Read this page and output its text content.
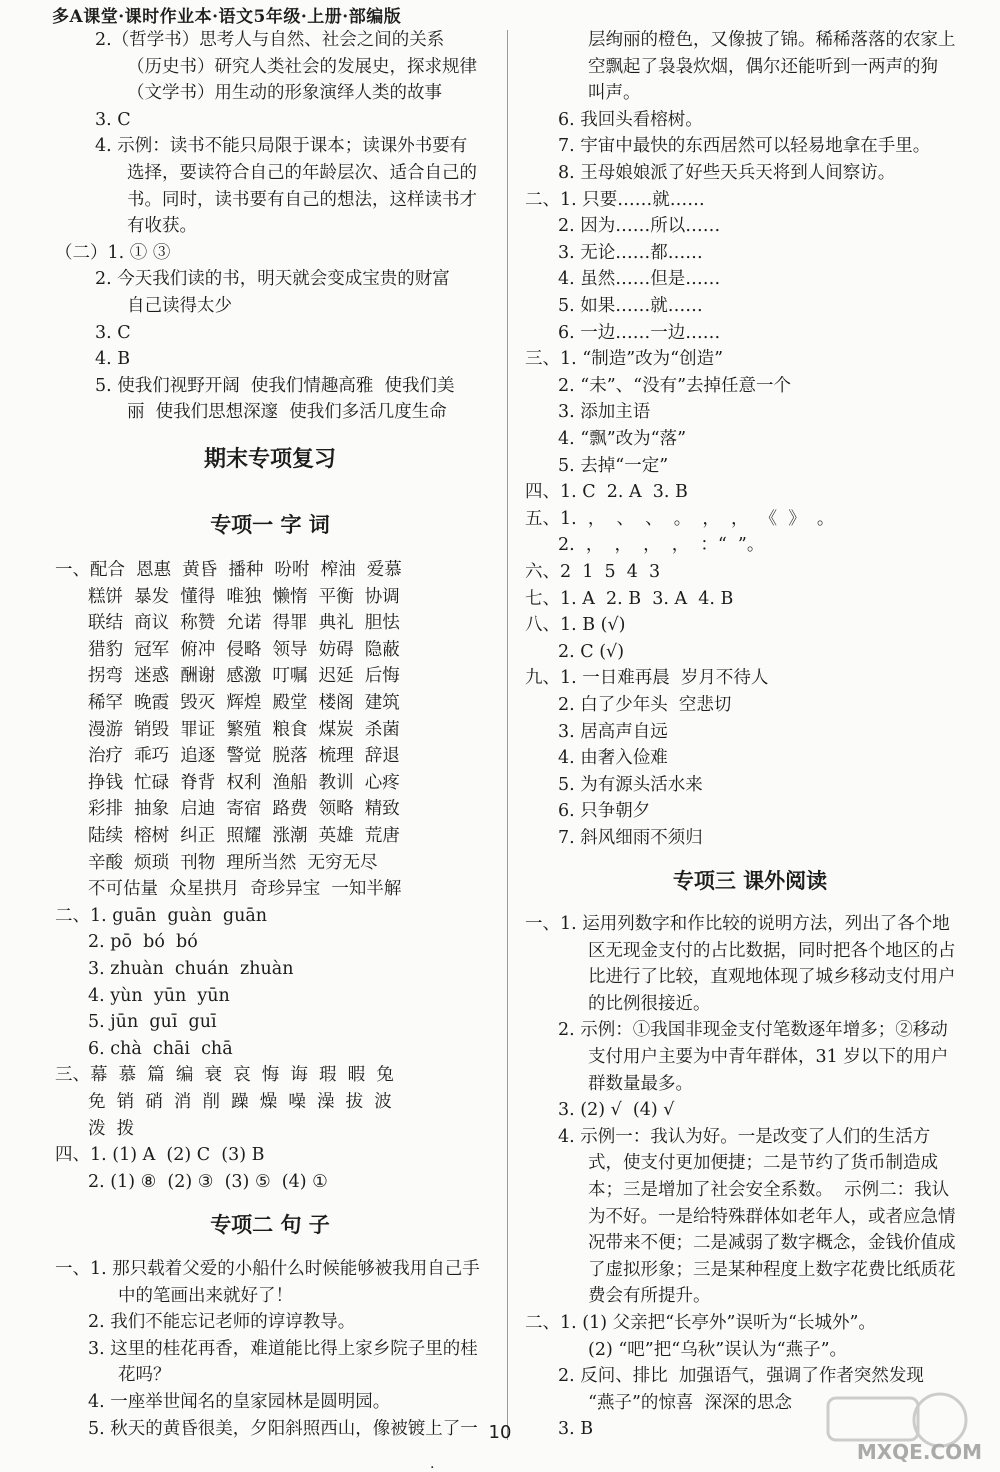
多A课堂·课时作业本·语文5年级·上册·部编版
10
.	MXQE.COM
2.（哲学书）思考人与自然、社会之间的关系
（历史书）研究人类社会的发展史，探求规律
（文学书）用生动的形象演绎人类的故事
3. C
4. 示例：读书不能只局限于课本；读课外书要有
选择，要读符合自己的年龄层次、适合自己的
书。同时，读书要有自己的想法，这样读书才
有收获。
（二）1. ① ③
2. 今天我们读的书，明天就会变成宝贵的财富
自己读得太少
3. C
4. B
5. 使我们视野开阔  使我们情趣高雅  使我们美
丽  使我们思想深邃  使我们多活几度生命
期末专项复习
专项一 字 词
一、配合  恩惠  黄昏  播种  吩咐  榨油  爱慕
糕饼  暴发  懂得  唯独  懒惰  平衡  协调
联结  商议  称赞  允诺  得罪  典礼  胆怯
猎豹  冠军  俯冲  侵略  领导  妨碍  隐蔽
拐弯  迷惑  酬谢  感激  叮嘱  迟延  后悔
稀罕  晚霞  毁灭  辉煌  殿堂  楼阁  建筑
漫游  销毁  罪证  繁殖  粮食  煤炭  杀菌
治疗  乖巧  追逐  警觉  脱落  梳理  辞退
挣钱  忙碌  脊背  权利  渔船  教训  心疼
彩排  抽象  启迪  寄宿  路费  领略  精致
陆续  榕树  纠正  照耀  涨潮  英雄  荒唐
辛酸  烦琐  刊物  理所当然  无穷无尽
不可估量  众星拱月  奇珍异宝  一知半解
二、1. guān  guàn  guān
2. pō  bó  bó
3. zhuàn  chuán  zhuàn
4. yùn  yūn  yūn
5. jūn  guī  guī
6. chà  chāi  chā
三、幕  慕  篇  编  衰  哀  悔  诲  瑕  暇  兔
免  销  硝  消  削  躁  燥  噪  澡  拔  波
泼  拨
四、1. (1) A  (2) C  (3) B
2. (1) ⑧  (2) ③  (3) ⑤  (4) ①
专项二 句 子
一、1. 那只载着父爱的小船什么时候能够被我用自己手
中的笔画出来就好了！
2. 我们不能忘记老师的谆谆教导。
3. 这里的桂花再香，难道能比得上家乡院子里的桂
花吗？
4. 一座举世闻名的皇家园林是圆明园。
5. 秋天的黄昏很美，夕阳斜照西山，像被镀上了一
层绚丽的橙色，又像披了锦。稀稀落落的农家上
空飘起了袅袅炊烟，偶尔还能听到一两声的狗
叫声。
6. 我回头看榕树。
7. 宇宙中最快的东西居然可以轻易地拿在手里。
8. 王母娘娘派了好些天兵天将到人间察访。
二、1. 只要……就……
2. 因为……所以……
3. 无论……都……
4. 虽然……但是……
5. 如果……就……
6. 一边……一边……
三、1. “制造”改为“创造”
2. “未”、“没有”去掉任意一个
3. 添加主语
4. “飘”改为“落”
5. 去掉“一定”
四、1. C  2. A  3. B
五、1.  ，  、  、  。  ，  ，  《  》  。
2.  ，  ，  ，  ，  ：“  ”。
六、2  1  5  4  3
七、1. A  2. B  3. A  4. B
八、1. B (√)
2. C (√)
九、1. 一日难再晨  岁月不待人
2. 白了少年头  空悲切
3. 居高声自远
4. 由奢入俭难
5. 为有源头活水来
6. 只争朝夕
7. 斜风细雨不须归
专项三 课外阅读
一、1. 运用列数字和作比较的说明方法，列出了各个地
区无现金支付的占比数据，同时把各个地区的占
比进行了比较，直观地体现了城乡移动支付用户
的比例很接近。
2. 示例：①我国非现金支付笔数逐年增多；②移动
支付用户主要为中青年群体，31 岁以下的用户
群数量最多。
3. (2) √  (4) √
4. 示例一：我认为好。一是改变了人们的生活方
式，使支付更加便捷；二是节约了货币制造成
本；三是增加了社会安全系数。  示例二：我认
为不好。一是给特殊群体如老年人，或者应急情
况带来不便；二是减弱了数字概念，金钱价值成
了虚拟形象；三是某种程度上数字花费比纸质花
费会有所提升。
二、1. (1) 父亲把“长亭外”误听为“长城外”。
(2) “吧”把“乌秋”误认为“燕子”。
2. 反问、排比  加强语气，强调了作者突然发现
“燕子”的惊喜  深深的思念
3. B
